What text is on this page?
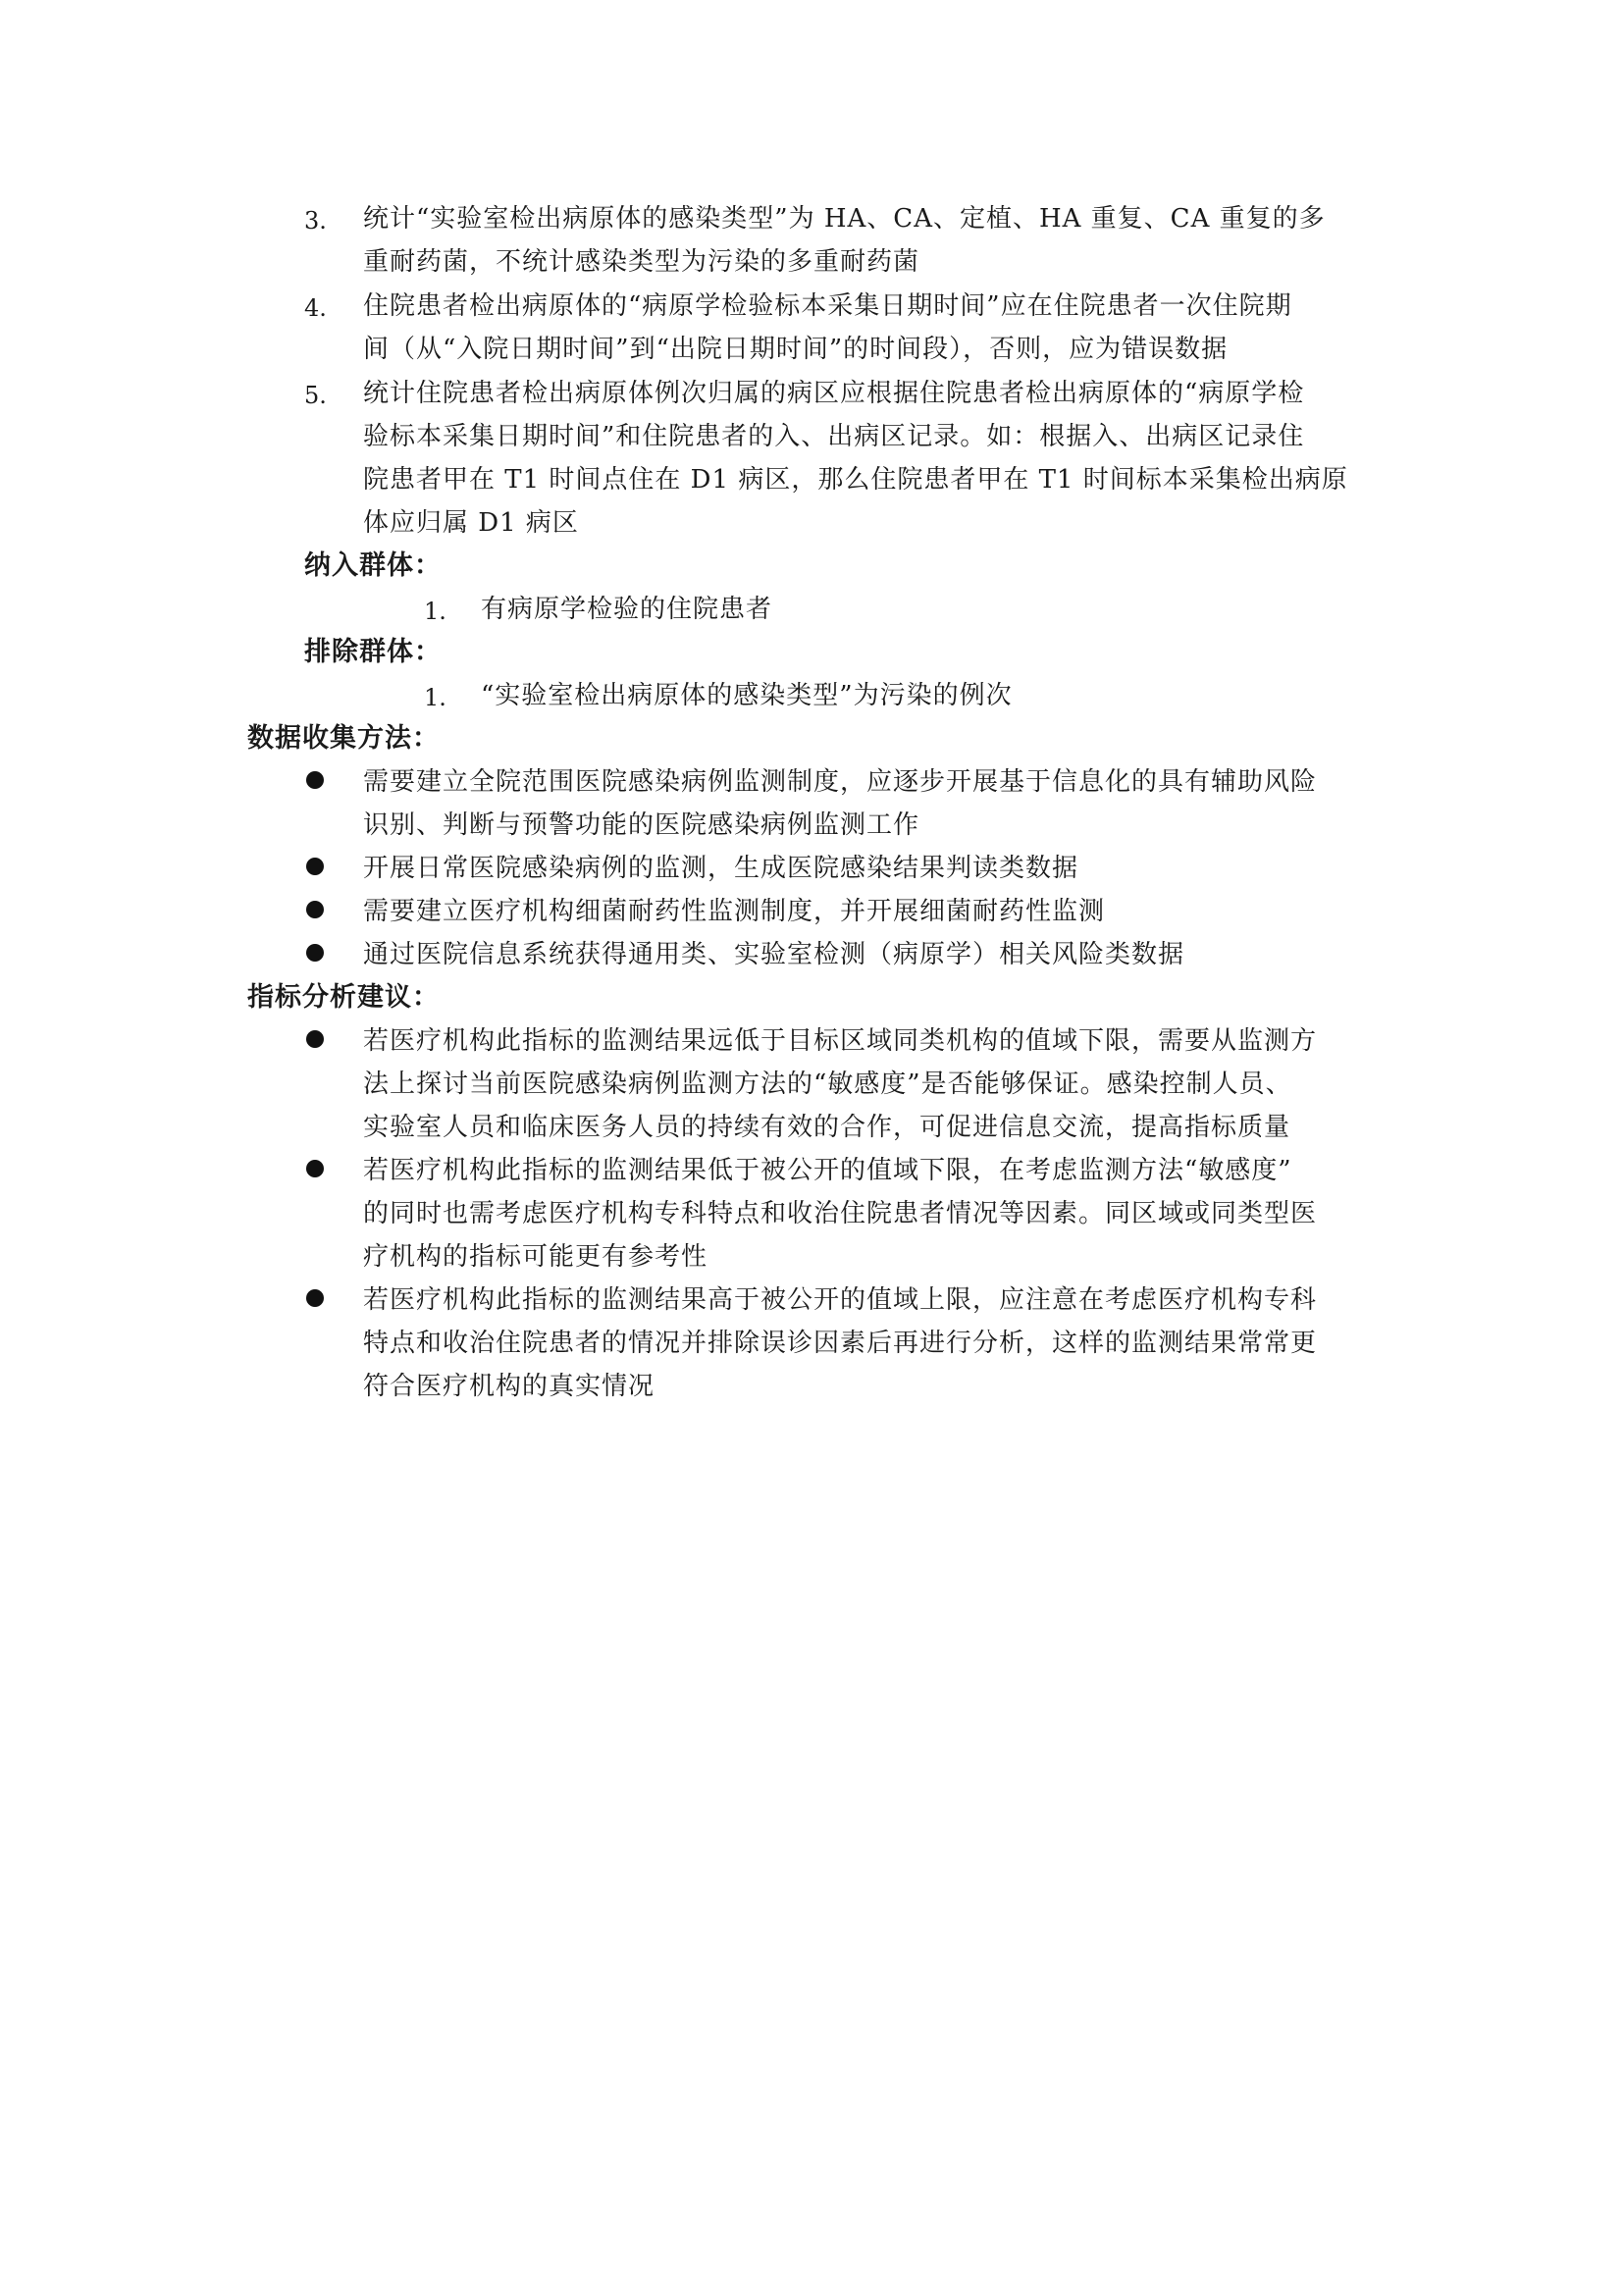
3. 统计“实验室检出病原体的感染类型”为 HA、CA、定植、HA 重复、CA 重复的多
重耐药菌，不统计感染类型为污染的多重耐药菌
4. 住院患者检出病原体的“病原学检验标本采集日期时间”应在住院患者一次住院期
间（从“入院日期时间”到“出院日期时间”的时间段），否则，应为错误数据
5. 统计住院患者检出病原体例次归属的病区应根据住院患者检出病原体的“病原学检
验标本采集日期时间”和住院患者的入、出病区记录。如：根据入、出病区记录住
院患者甲在 T1 时间点住在 D1 病区，那么住院患者甲在 T1 时间标本采集检出病原
体应归属 D1 病区
纳入群体：
1. 有病原学检验的住院患者
排除群体：
1. “实验室检出病原体的感染类型”为污染的例次
数据收集方法：
需要建立全院范围医院感染病例监测制度，应逐步开展基于信息化的具有辅助风险
识别、判断与预警功能的医院感染病例监测工作
开展日常医院感染病例的监测，生成医院感染结果判读类数据
需要建立医疗机构细菌耐药性监测制度，并开展细菌耐药性监测
通过医院信息系统获得通用类、实验室检测（病原学）相关风险类数据
指标分析建议：
若医疗机构此指标的监测结果远低于目标区域同类机构的值域下限，需要从监测方
法上探讨当前医院感染病例监测方法的“敏感度”是否能够保证。感染控制人员、
实验室人员和临床医务人员的持续有效的合作，可促进信息交流，提高指标质量
若医疗机构此指标的监测结果低于被公开的值域下限，在考虑监测方法“敏感度”
的同时也需考虑医疗机构专科特点和收治住院患者情况等因素。同区域或同类型医
疗机构的指标可能更有参考性
若医疗机构此指标的监测结果高于被公开的值域上限，应注意在考虑医疗机构专科
特点和收治住院患者的情况并排除误诊因素后再进行分析，这样的监测结果常常更
符合医疗机构的真实情况
